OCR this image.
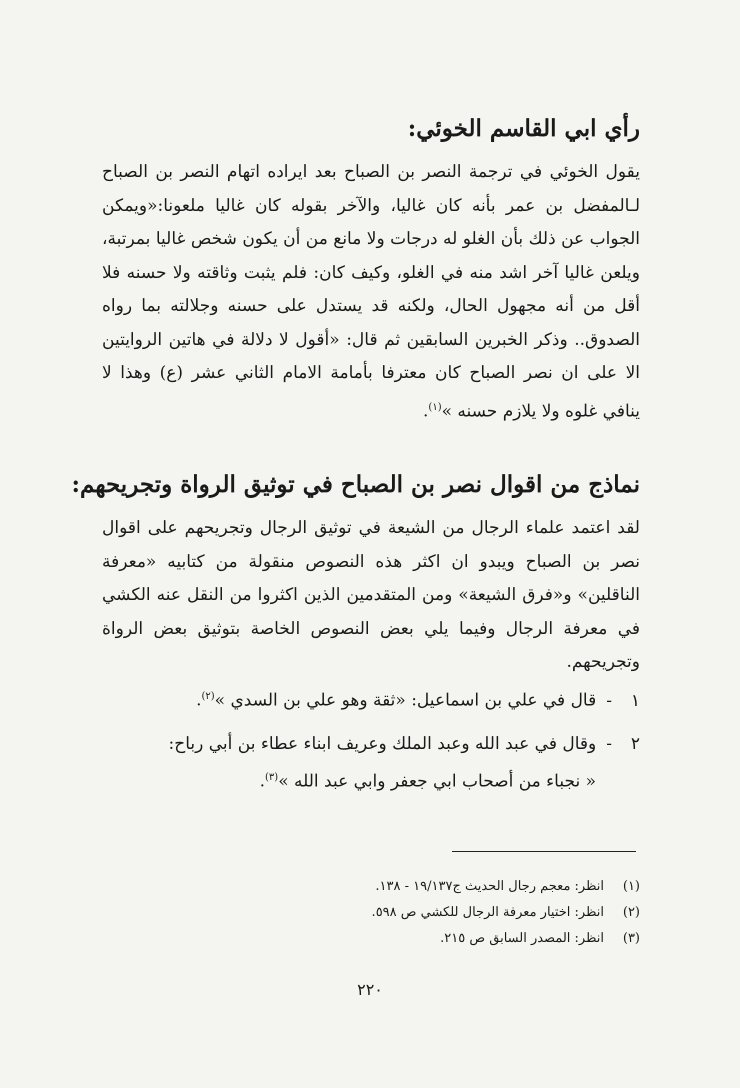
رأي ابي القاسم الخوئي:
يقول الخوئي في ترجمة النصر بن الصباح بعد ايراده اتهام النصر بن الصباح لـالمفضل بن عمر بأنه كان غاليا، والآخر بقوله كان غاليا ملعونا:«ويمكن الجواب عن ذلك بأن الغلو له درجات ولا مانع من أن يكون شخص غاليا بمرتبة، ويلعن غاليا آخر اشد منه في الغلو، وكيف كان: فلم يثبت وثاقته ولا حسنه فلا أقل من أنه مجهول الحال، ولكنه قد يستدل على حسنه وجلالته بما رواه الصدوق.. وذكر الخبرين السابقين ثم قال: «أقول لا دلالة في هاتين الروايتين الا على ان نصر الصباح كان معترفا بأمامة الامام الثاني عشر (ع) وهذا لا ينافي غلوه ولا يلازم حسنه »$^{(١)}$.
نماذج من اقوال نصر بن الصباح في توثيق الرواة وتجريحهم:
لقد اعتمد علماء الرجال من الشيعة في توثيق الرجال وتجريحهم على اقوال نصر بن الصباح ويبدو ان اكثر هذه النصوص منقولة من كتابيه «معرفة الناقلين» و«فرق الشيعة» ومن المتقدمين الذين اكثروا من النقل عنه الكشي في معرفة الرجال وفيما يلي بعض النصوص الخاصة بتوثيق بعض الرواة وتجريحهم.
١-قال في علي بن اسماعيل: «ثقة وهو علي بن السدي »$^{(٢)}$.
٢-وقال في عبد الله وعبد الملك وعريف ابناء عطاء بن أبي رباح:
« نجباء من أصحاب ابي جعفر وابي عبد الله »$^{(٣)}$.
(١)انظر: معجم رجال الحديث ج١٩/١٣٧ - ١٣٨.
(٢)انظر: اختيار معرفة الرجال للكشي ص ٥٩٨.
(٣)انظر: المصدر السابق ص ٢١٥.
٢٢٠
